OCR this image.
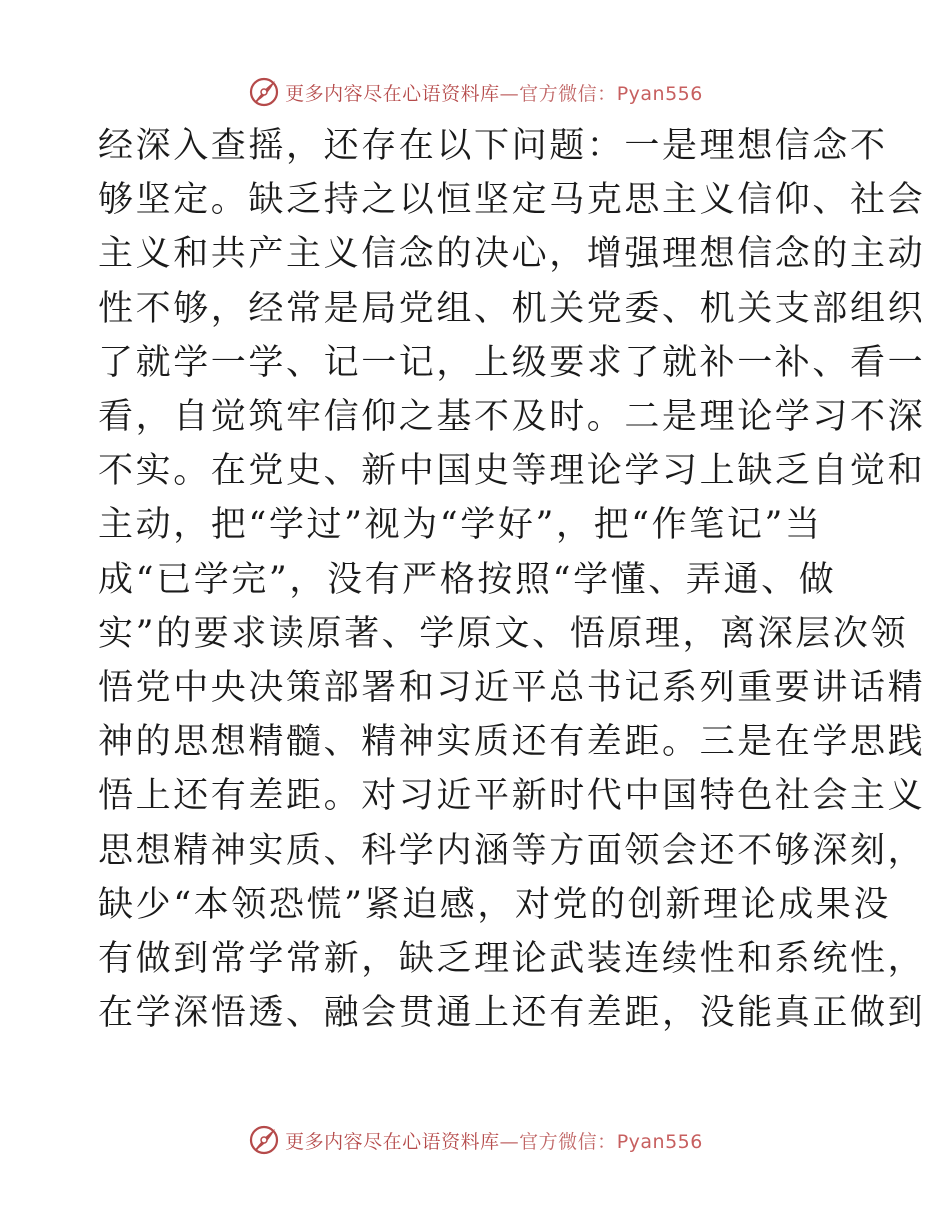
更多内容尽在心语资料库—官方微信：Pyan556
经深入查摇，还存在以下问题：一是理想信念不
够坚定。缺乏持之以恒坚定马克思主义信仰、社会
主义和共产主义信念的决心，增强理想信念的主动
性不够，经常是局党组、机关党委、机关支部组织
了就学一学、记一记，上级要求了就补一补、看一
看，自觉筑牢信仰之基不及时。二是理论学习不深
不实。在党史、新中国史等理论学习上缺乏自觉和
主动，把“学过”视为“学好”，把“作笔记”当
成“已学完”，没有严格按照“学懂、弄通、做
实”的要求读原著、学原文、悟原理，离深层次领
悟党中央决策部署和习近平总书记系列重要讲话精
神的思想精髓、精神实质还有差距。三是在学思践
悟上还有差距。对习近平新时代中国特色社会主义
思想精神实质、科学内涵等方面领会还不够深刻，
缺少“本领恐慌”紧迫感，对党的创新理论成果没
有做到常学常新，缺乏理论武装连续性和系统性，
在学深悟透、融会贯通上还有差距，没能真正做到
更多内容尽在心语资料库—官方微信：Pyan556
